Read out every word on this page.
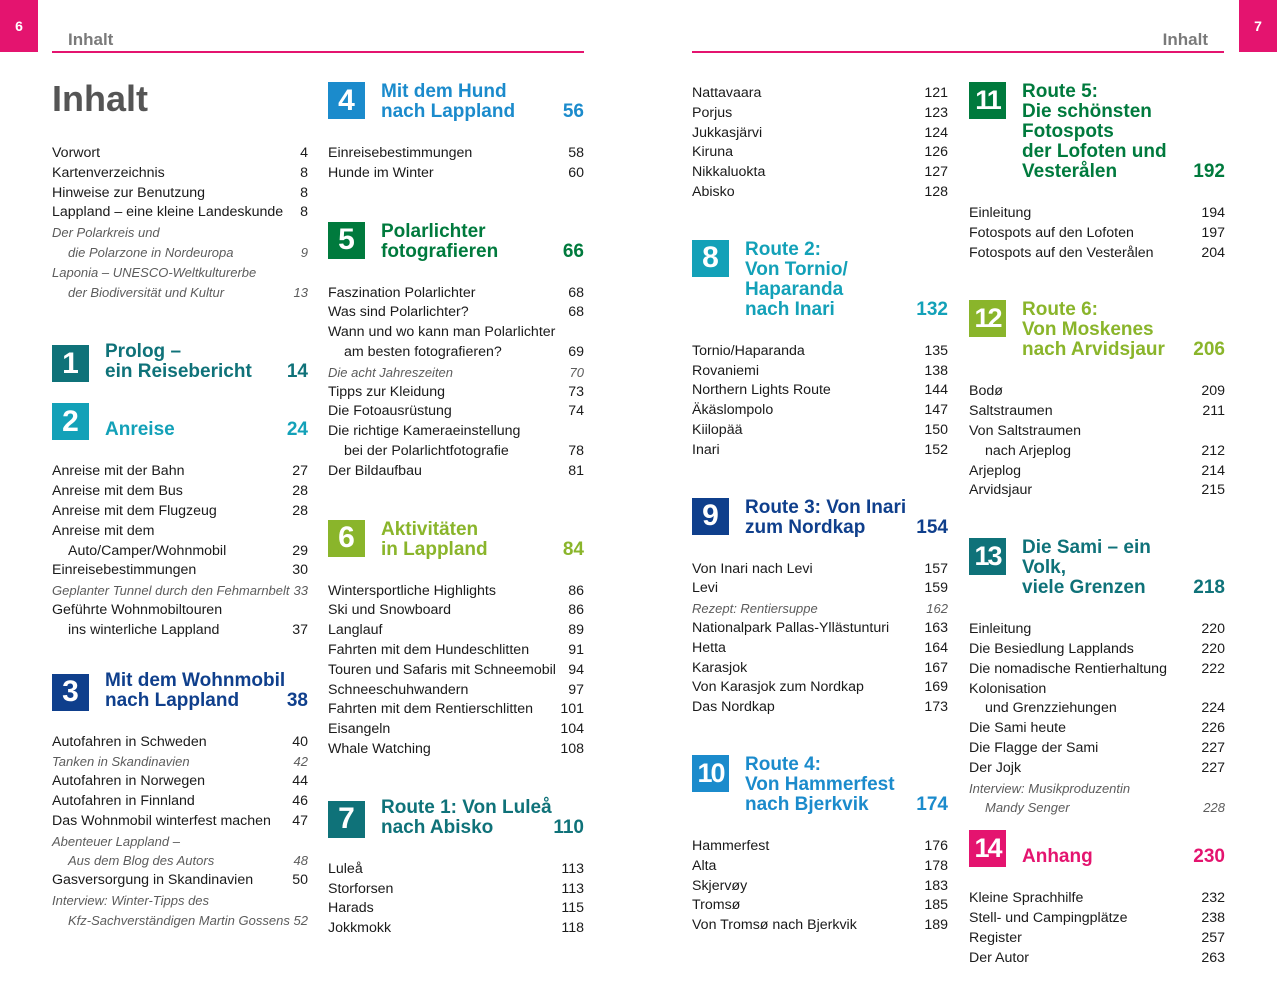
6
Inhalt
Inhalt
Vorwort	4
Kartenverzeichnis	8
Hinweise zur Benutzung	8
Lappland – eine kleine Landeskunde 8
Der Polarkreis und
die Polarzone in Nordeuropa	9
Laponia – UNESCO-Weltkulturerbe
der Biodiversität und Kultur	13
1	Prolog –
ein Reisebericht	14
2	Anreise	24
Anreise mit der Bahn	27
Anreise mit dem Bus	28
Anreise mit dem Flugzeug	28
Anreise mit dem
Auto/Camper/Wohnmobil	29
Einreisebestimmungen	30
Geplanter Tunnel durch den Fehmarnbelt 33
Geführte Wohnmobiltouren
ins winterliche Lappland	37
3	Mit dem Wohnmobil
nach Lappland	38
Autofahren in Schweden	40
Tanken in Skandinavien	42
Autofahren in Norwegen	44
Autofahren in Finnland	46
Das Wohnmobil winterfest machen 47
Abenteuer Lappland –
Aus dem Blog des Autors	48
Gasversorgung in Skandinavien	50
Interview: Winter-Tipps des
Kfz-Sachverständigen Martin Gossens 52
4	Mit dem Hund
nach Lappland	56
Einreisebestimmungen	58
Hunde im Winter	60
5	Polarlichter
fotografieren	66
Faszination Polarlichter	68
Was sind Polarlichter?	68
Wann und wo kann man Polarlichter
am besten fotografieren?	69
Die acht Jahreszeiten	70
Tipps zur Kleidung	73
Die Fotoausrüstung	74
Die richtige Kameraeinstellung
bei der Polarlichtfotografie	78
Der Bildaufbau	81
6	Aktivitäten
in Lappland	84
Wintersportliche Highlights	86
Ski und Snowboard	86
Langlauf	89
Fahrten mit dem Hundeschlitten	91
Touren und Safaris mit Schneemobil 94
Schneeschuhwandern	97
Fahrten mit dem Rentierschlitten 101
Eisangeln	104
Whale Watching	108
7	Route 1: Von Luleå
nach Abisko	110
Luleå	113
Storforsen	113
Harads	115
Jokkmokk	118
7
Inhalt
Nattavaara	121
Porjus	123
Jukkasjärvi	124
Kiruna	126
Nikkaluokta	127
Abisko	128
8	Route 2:
Von Tornio/
Haparanda
nach Inari	132
Tornio/Haparanda	135
Rovaniemi	138
Northern Lights Route	144
Äkäslompolo	147
Kiilopää	150
Inari	152
9	Route 3: Von Inari
zum Nordkap	154
Von Inari nach Levi	157
Levi	159
Rezept: Rentiersuppe	162
Nationalpark Pallas-Yllästunturi 163
Hetta	164
Karasjok	167
Von Karasjok zum Nordkap	169
Das Nordkap	173
10 Route 4:
Von Hammerfest
nach Bjerkvik	174
Hammerfest	176
Alta	178
Skjervøy	183
Tromsø	185
Von Tromsø nach Bjerkvik	189
11	Route 5:
Die schönsten Fotospots
der Lofoten und
Vesterålen	192
Einleitung	194
Fotospots auf den Lofoten	197
Fotospots auf den Vesterålen	204
12 Route 6:
Von Moskenes
nach Arvidsjaur	206
Bodø	209
Saltstraumen	211
Von Saltstraumen
nach Arjeplog	212
Arjeplog	214
Arvidsjaur	215
13 Die Sami – ein Volk,
viele Grenzen	218
Einleitung	220
Die Besiedlung Lapplands	220
Die nomadische Rentierhaltung 222
Kolonisation
und Grenzziehungen	224
Die Sami heute	226
Die Flagge der Sami	227
Der Jojk	227
Interview: Musikproduzentin
Mandy Senger	228
14 Anhang	230
Kleine Sprachhilfe	232
Stell- und Campingplätze	238
Register	257
Der Autor	263
